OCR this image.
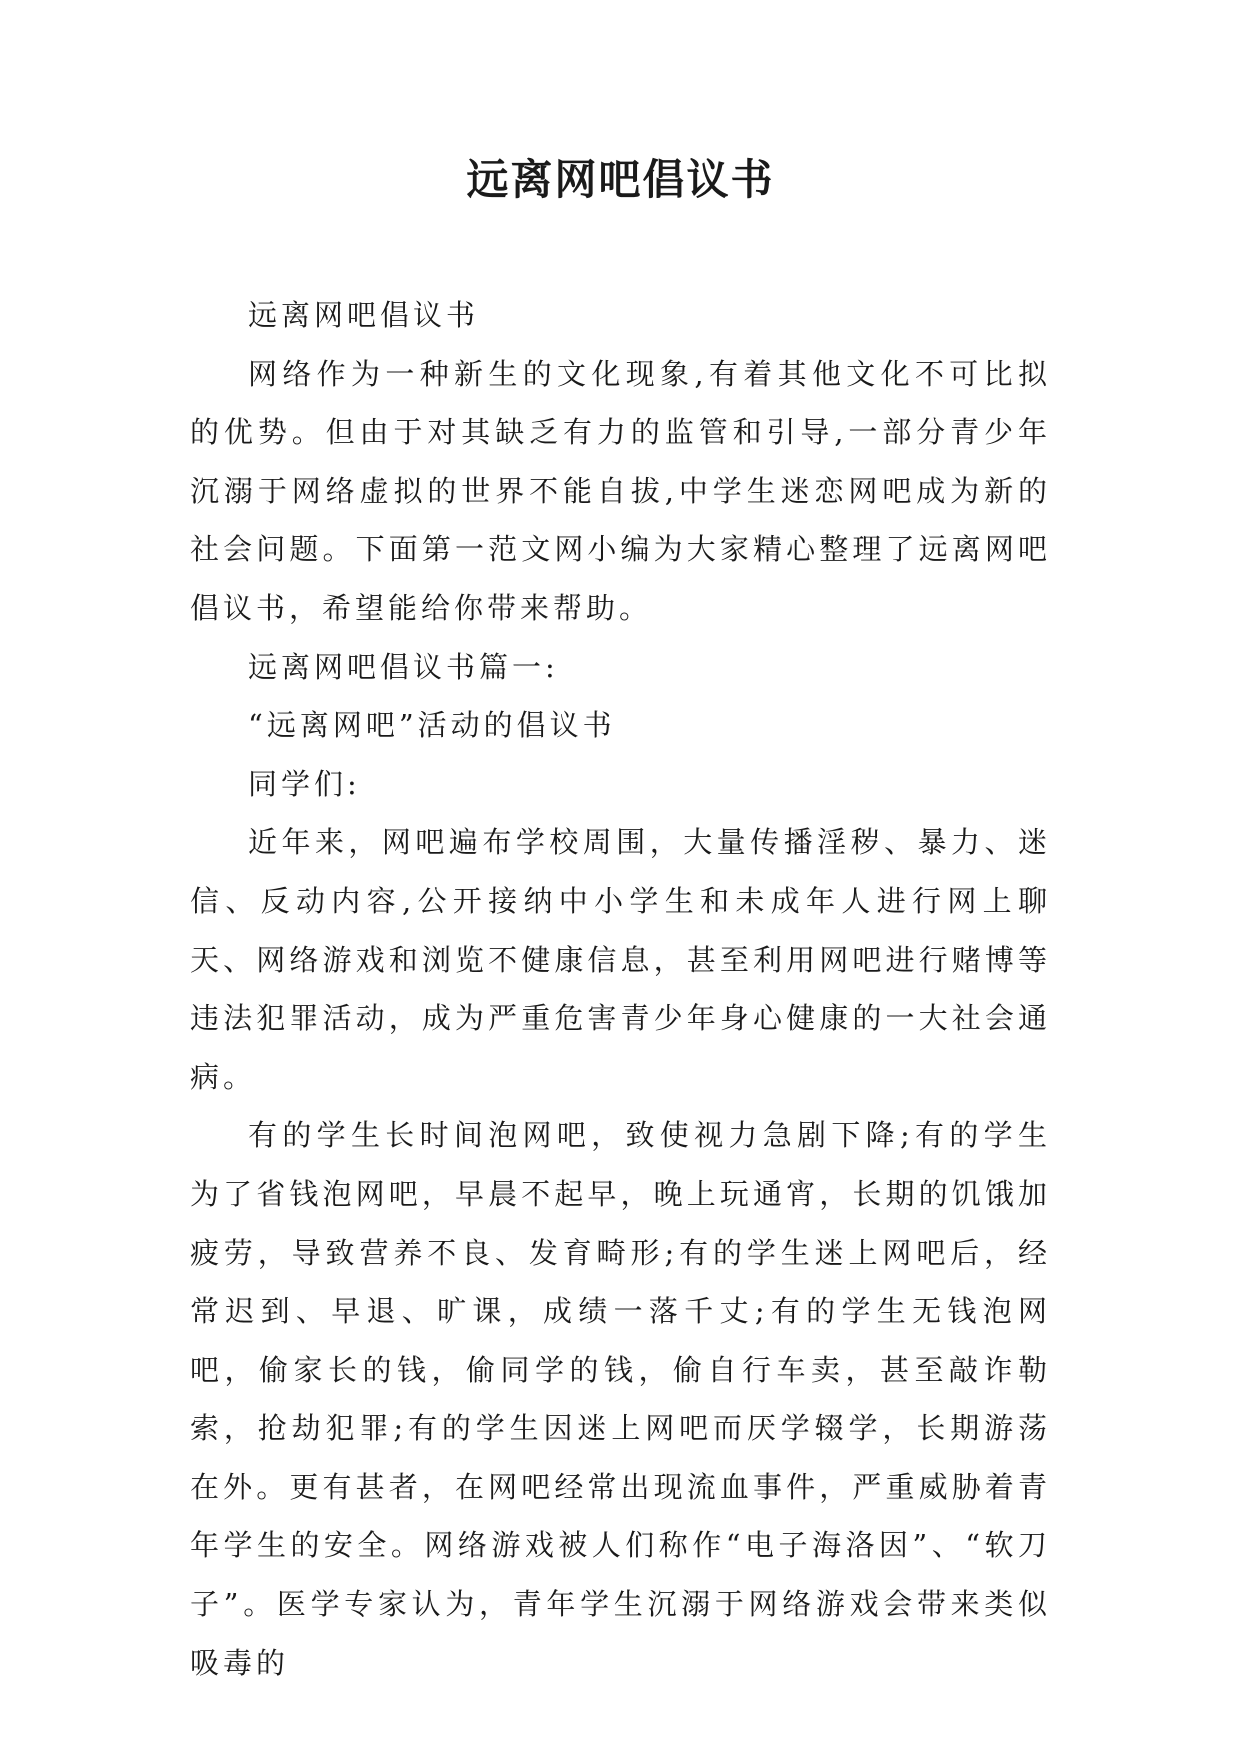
远离网吧倡议书

远离网吧倡议书

网络作为一种新生的文化现象,有着其他文化不可比拟的优势。但由于对其缺乏有力的监管和引导,一部分青少年沉溺于网络虚拟的世界不能自拔,中学生迷恋网吧成为新的社会问题。下面第一范文网小编为大家精心整理了远离网吧倡议书，希望能给你带来帮助。

远离网吧倡议书篇一:

“远离网吧”活动的倡议书

同学们:

近年来，网吧遍布学校周围，大量传播淫秽、暴力、迷信、反动内容,公开接纳中小学生和未成年人进行网上聊天、网络游戏和浏览不健康信息，甚至利用网吧进行赌博等违法犯罪活动，成为严重危害青少年身心健康的一大社会通病。

有的学生长时间泡网吧，致使视力急剧下降;有的学生为了省钱泡网吧，早晨不起早，晚上玩通宵，长期的饥饿加疲劳，导致营养不良、发育畸形;有的学生迷上网吧后，经常迟到、早退、旷课，成绩一落千丈;有的学生无钱泡网吧，偷家长的钱，偷同学的钱，偷自行车卖，甚至敲诈勒索，抢劫犯罪;有的学生因迷上网吧而厌学辍学，长期游荡在外。更有甚者，在网吧经常出现流血事件，严重威胁着青年学生的安全。网络游戏被人们称作“电子海洛因”、“软刀子”。医学专家认为，青年学生沉溺于网络游戏会带来类似吸毒的
